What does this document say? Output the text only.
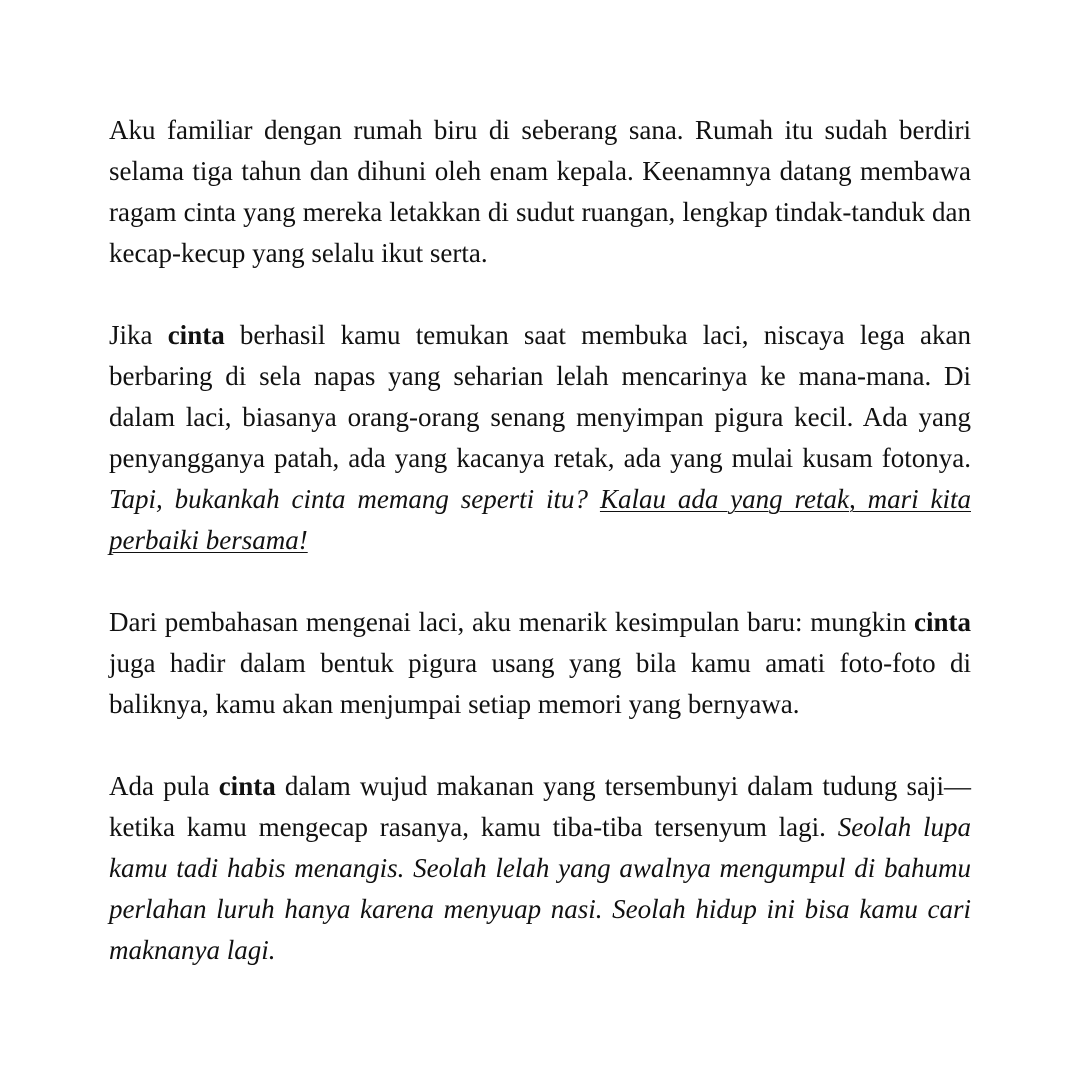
Aku familiar dengan rumah biru di seberang sana. Rumah itu sudah berdiri selama tiga tahun dan dihuni oleh enam kepala. Keenamnya datang membawa ragam cinta yang mereka letakkan di sudut ruangan, lengkap tindak-tanduk dan kecap-kecup yang selalu ikut serta.

Jika cinta berhasil kamu temukan saat membuka laci, niscaya lega akan berbaring di sela napas yang seharian lelah mencarinya ke mana-mana. Di dalam laci, biasanya orang-orang senang menyimpan pigura kecil. Ada yang penyangganya patah, ada yang kacanya retak, ada yang mulai kusam fotonya. Tapi, bukankah cinta memang seperti itu? Kalau ada yang retak, mari kita perbaiki bersama!

Dari pembahasan mengenai laci, aku menarik kesimpulan baru: mungkin cinta juga hadir dalam bentuk pigura usang yang bila kamu amati foto-foto di baliknya, kamu akan menjumpai setiap memori yang bernyawa.

Ada pula cinta dalam wujud makanan yang tersembunyi dalam tudung saji—ketika kamu mengecap rasanya, kamu tiba-tiba tersenyum lagi. Seolah lupa kamu tadi habis menangis. Seolah lelah yang awalnya mengumpul di bahumu perlahan luruh hanya karena menyuap nasi. Seolah hidup ini bisa kamu cari maknanya lagi.
